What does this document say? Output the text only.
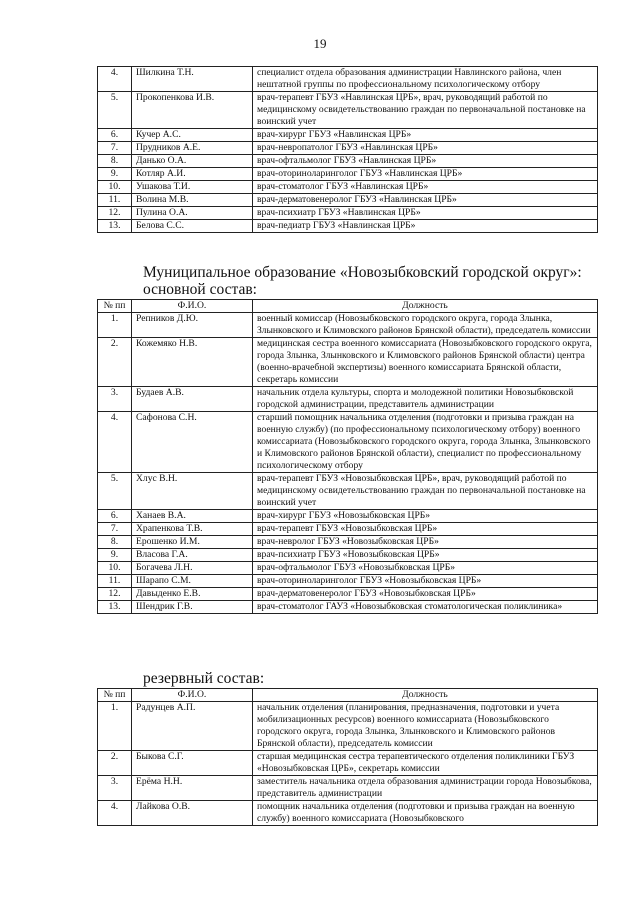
19
4.	Шилкина Т.Н.	специалист отдела образования администрации Навлинского района, член нештатной группы по профессиональному психологическому отбору
5.	Прокопенкова И.В.	врач-терапевт ГБУЗ «Навлинская ЦРБ», врач, руководящий работой по медицинскому освидетельствованию граждан по первоначальной постановке на воинский учет
6.	Кучер А.С.	врач-хирург ГБУЗ «Навлинская ЦРБ»
7.	Прудников А.Е.	врач-невропатолог ГБУЗ «Навлинская ЦРБ»
8.	Данько О.А.	врач-офтальмолог ГБУЗ «Навлинская ЦРБ»
9.	Котляр А.И.	врач-оториноларинголог ГБУЗ «Навлинская ЦРБ»
10.	Ушакова Т.И.	врач-стоматолог ГБУЗ «Навлинская ЦРБ»
11.	Волина М.В.	врач-дерматовенеролог ГБУЗ «Навлинская ЦРБ»
12.	Пулина О.А.	врач-психиатр ГБУЗ «Навлинская ЦРБ»
13.	Белова С.С.	врач-педиатр ГБУЗ «Навлинская ЦРБ»
Муниципальное образование «Новозыбковский городской округ»: основной состав:
№ пп	Ф.И.О.	Должность
1.	Репников Д.Ю.	военный комиссар (Новозыбковского городского округа, города Злынка, Злынковского и Климовского районов Брянской области), председатель комиссии
2.	Кожемяко Н.В.	медицинская сестра военного комиссариата (Новозыбковского городского округа, города Злынка, Злынковского и Климовского районов Брянской области) центра (военно-врачебной экспертизы) военного комиссариата Брянской области, секретарь комиссии
3.	Будаев А.В.	начальник отдела культуры, спорта и молодежной политики Новозыбковской городской администрации, представитель администрации
4.	Сафонова С.Н.	старший помощник начальника отделения (подготовки и призыва граждан на военную службу) (по профессиональному психологическому отбору) военного комиссариата (Новозыбковского городского округа, города Злынка, Злынковского и Климовского районов Брянской области), специалист по профессиональному психологическому отбору
5.	Хлус В.Н.	врач-терапевт ГБУЗ «Новозыбковская ЦРБ», врач, руководящий работой по медицинскому освидетельствованию граждан по первоначальной постановке на воинский учет
6.	Ханаев В.А.	врач-хирург ГБУЗ «Новозыбковская ЦРБ»
7.	Храпенкова Т.В.	врач-терапевт ГБУЗ «Новозыбковская ЦРБ»
8.	Ерошенко И.М.	врач-невролог ГБУЗ «Новозыбковская ЦРБ»
9.	Власова Г.А.	врач-психиатр ГБУЗ «Новозыбковская ЦРБ»
10.	Богачева Л.Н.	врач-офтальмолог ГБУЗ «Новозыбковская ЦРБ»
11.	Шарапо С.М.	врач-оториноларинголог ГБУЗ «Новозыбковская ЦРБ»
12.	Давыденко Е.В.	врач-дерматовенеролог ГБУЗ «Новозыбковская ЦРБ»
13.	Шендрик Г.В.	врач-стоматолог ГАУЗ «Новозыбковская стоматологическая поликлиника»
резервный состав:
№ пп	Ф.И.О.	Должность
1.	Радунцев А.П.	начальник отделения (планирования, предназначения, подготовки и учета мобилизационных ресурсов) военного комиссариата (Новозыбковского городского округа, города Злынка, Злынковского и Климовского районов Брянской области), председатель комиссии
2.	Быкова С.Г.	старшая медицинская сестра терапевтического отделения поликлиники ГБУЗ «Новозыбковская ЦРБ», секретарь комиссии
3.	Ерёма Н.Н.	заместитель начальника отдела образования администрации города Новозыбкова, представитель администрации
4.	Лайкова О.В.	помощник начальника отделения (подготовки и призыва граждан на военную службу) военного комиссариата (Новозыбковского
